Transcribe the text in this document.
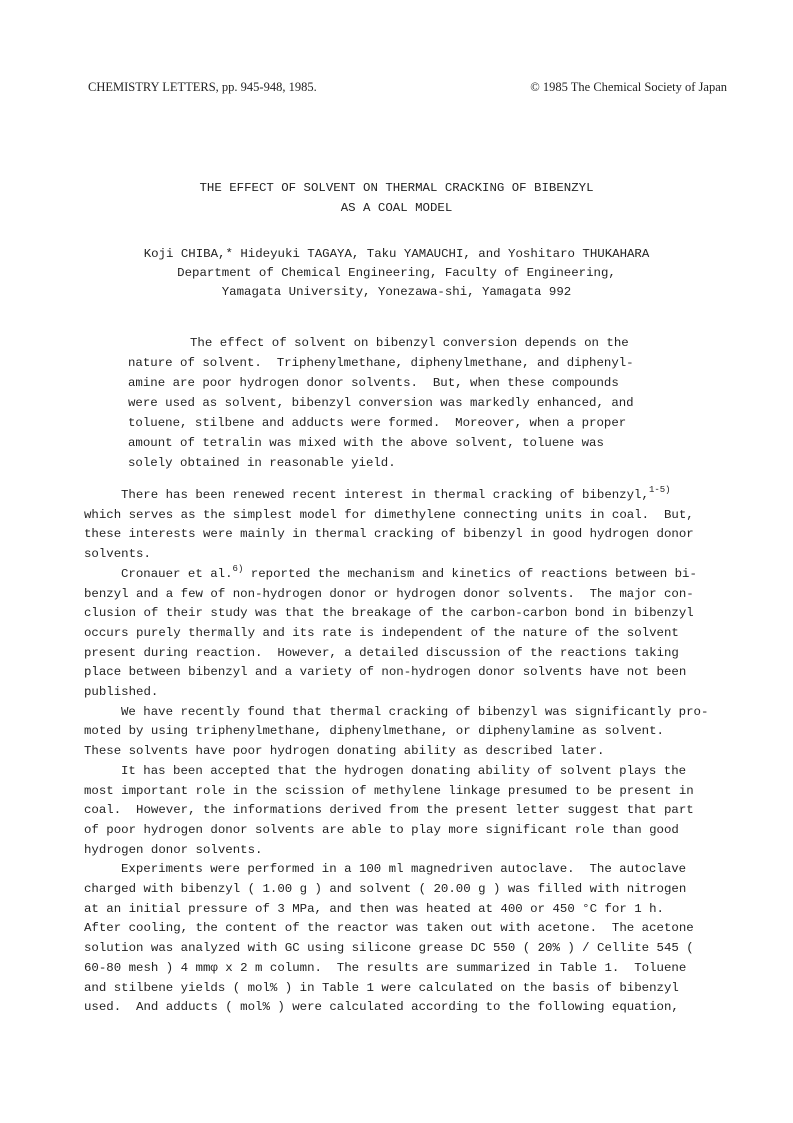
CHEMISTRY LETTERS, pp. 945-948, 1985.	© 1985 The Chemical Society of Japan
THE EFFECT OF SOLVENT ON THERMAL CRACKING OF BIBENZYL
AS A COAL MODEL
Koji CHIBA,* Hideyuki TAGAYA, Taku YAMAUCHI, and Yoshitaro THUKAHARA
Department of Chemical Engineering, Faculty of Engineering,
Yamagata University, Yonezawa-shi, Yamagata 992
The effect of solvent on bibenzyl conversion depends on the
nature of solvent.  Triphenylmethane, diphenylmethane, and diphenyl-
amine are poor hydrogen donor solvents.  But, when these compounds
were used as solvent, bibenzyl conversion was markedly enhanced, and
toluene, stilbene and adducts were formed.  Moreover, when a proper
amount of tetralin was mixed with the above solvent, toluene was
solely obtained in reasonable yield.
There has been renewed recent interest in thermal cracking of bibenzyl,$^{1-5)}$
which serves as the simplest model for dimethylene connecting units in coal.  But,
these interests were mainly in thermal cracking of bibenzyl in good hydrogen donor
solvents.
Cronauer et al.$^{6)}$ reported the mechanism and kinetics of reactions between bi-
benzyl and a few of non-hydrogen donor or hydrogen donor solvents.  The major con-
clusion of their study was that the breakage of the carbon-carbon bond in bibenzyl
occurs purely thermally and its rate is independent of the nature of the solvent
present during reaction.  However, a detailed discussion of the reactions taking
place between bibenzyl and a variety of non-hydrogen donor solvents have not been
published.
We have recently found that thermal cracking of bibenzyl was significantly pro-
moted by using triphenylmethane, diphenylmethane, or diphenylamine as solvent.
These solvents have poor hydrogen donating ability as described later.
It has been accepted that the hydrogen donating ability of solvent plays the
most important role in the scission of methylene linkage presumed to be present in
coal.  However, the informations derived from the present letter suggest that part
of poor hydrogen donor solvents are able to play more significant role than good
hydrogen donor solvents.
Experiments were performed in a 100 ml magnedriven autoclave.  The autoclave
charged with bibenzyl ( 1.00 g ) and solvent ( 20.00 g ) was filled with nitrogen
at an initial pressure of 3 MPa, and then was heated at 400 or 450 °C for 1 h.
After cooling, the content of the reactor was taken out with acetone.  The acetone
solution was analyzed with GC using silicone grease DC 550 ( 20% ) / Cellite 545 (
60-80 mesh ) 4 mmφ x 2 m column.  The results are summarized in Table 1.  Toluene
and stilbene yields ( mol% ) in Table 1 were calculated on the basis of bibenzyl
used.  And adducts ( mol% ) were calculated according to the following equation,
